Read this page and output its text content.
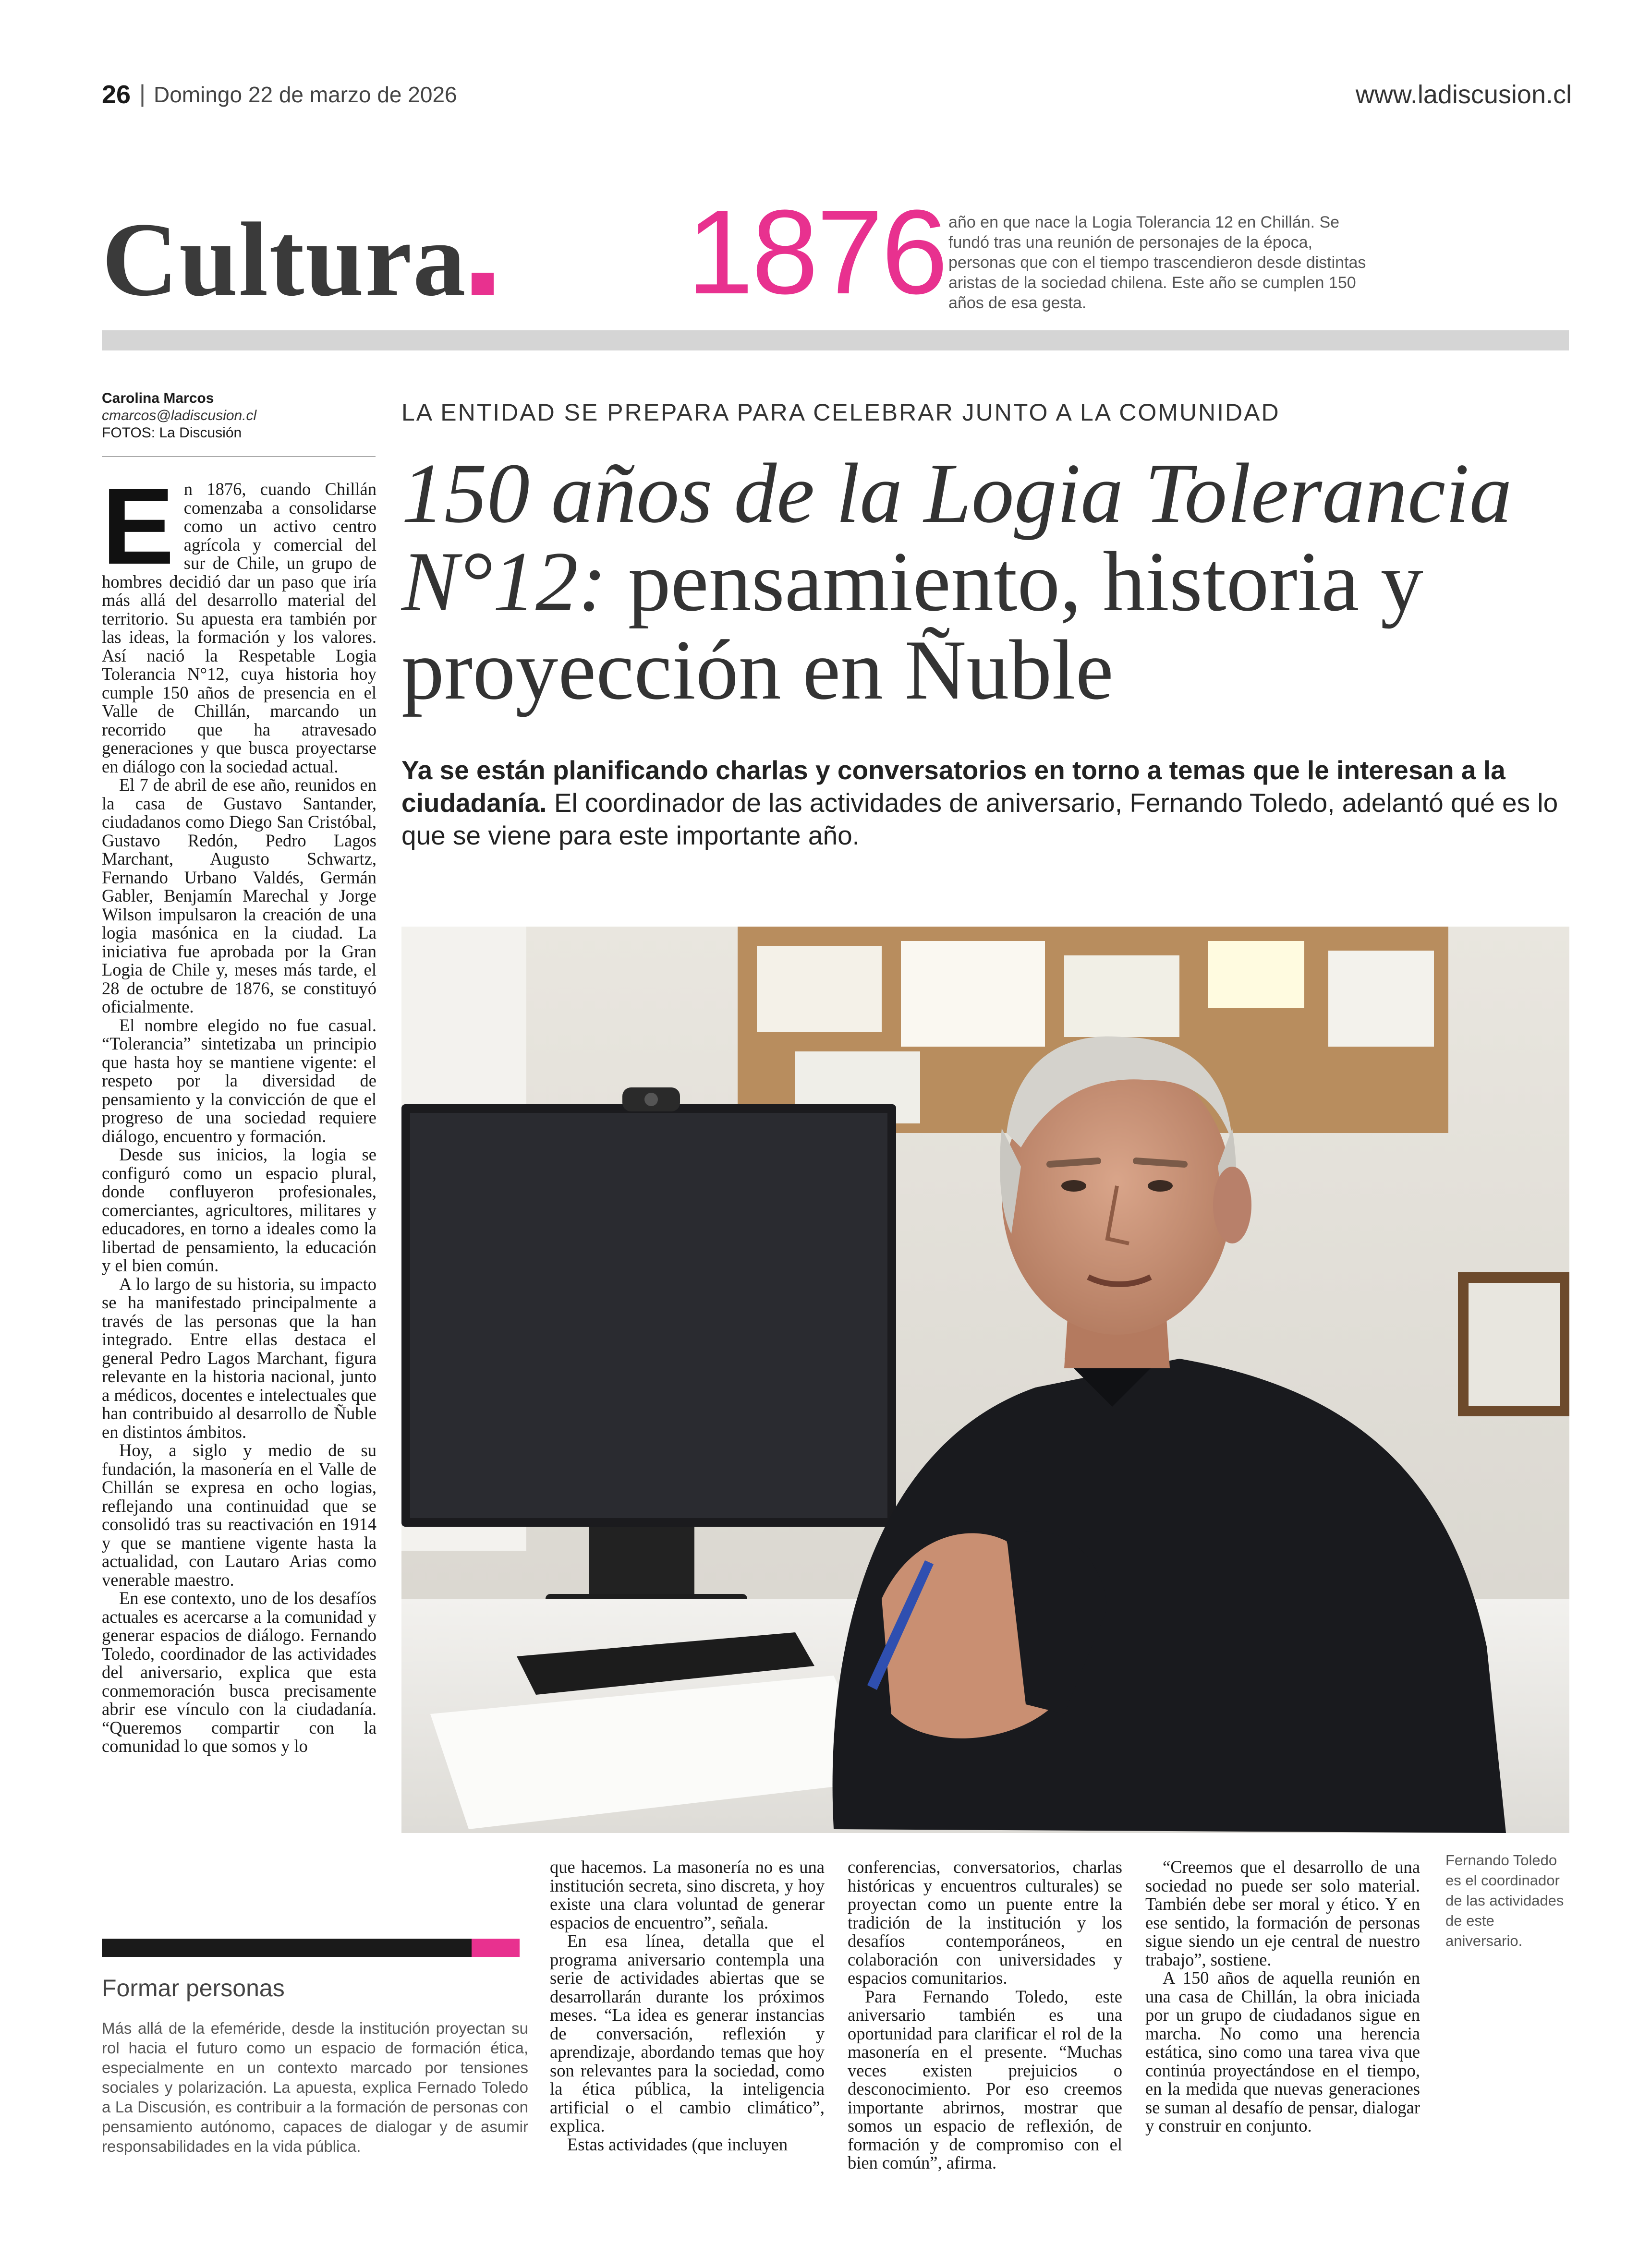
26 | Domingo 22 de marzo de 2026	www.ladiscusion.cl
Cultura 1876 año en que nace la Logia Tolerancia 12 en Chillán. Se fundó tras una reunión de personajes de la época, personas que con el tiempo trascendieron desde distintas aristas de la sociedad chilena. Este año se cumplen 150 años de esa gesta.
Carolina Marcos
cmarcos@ladiscusion.cl
FOTOS: La Discusión
LA ENTIDAD SE PREPARA PARA CELEBRAR JUNTO A LA COMUNIDAD
150 años de la Logia Tolerancia N°12: pensamiento, historia y proyección en Ñuble
Ya se están planificando charlas y conversatorios en torno a temas que le interesan a la ciudadanía. El coordinador de las actividades de aniversario, Fernando Toledo, adelantó qué es lo que se viene para este importante año.
E n 1876, cuando Chillán comenzaba a consolidarse como un activo centro agrícola y comercial del sur de Chile, un grupo de hombres decidió dar un paso que iría más allá del desarrollo material del territorio. Su apuesta era también por las ideas, la formación y los valores. Así nació la Respetable Logia Tolerancia N°12, cuya historia hoy cumple 150 años de presencia en el Valle de Chillán, marcando un recorrido que ha atravesado generaciones y que busca proyectarse en diálogo con la sociedad actual.

El 7 de abril de ese año, reunidos en la casa de Gustavo Santander, ciudadanos como Diego San Cristóbal, Gustavo Redón, Pedro Lagos Marchant, Augusto Schwartz, Fernando Urbano Valdés, Germán Gabler, Benjamín Marechal y Jorge Wilson impulsaron la creación de una logia masónica en la ciudad. La iniciativa fue aprobada por la Gran Logia de Chile y, meses más tarde, el 28 de octubre de 1876, se constituyó oficialmente.

El nombre elegido no fue casual. “Tolerancia” sintetizaba un principio que hasta hoy se mantiene vigente: el respeto por la diversidad de pensamiento y la convicción de que el progreso de una sociedad requiere diálogo, encuentro y formación.

Desde sus inicios, la logia se configuró como un espacio plural, donde confluyeron profesionales, comerciantes, agricultores, militares y educadores, en torno a ideales como la libertad de pensamiento, la educación y el bien común.

A lo largo de su historia, su impacto se ha manifestado principalmente a través de las personas que la han integrado. Entre ellas destaca el general Pedro Lagos Marchant, figura relevante en la historia nacional, junto a médicos, docentes e intelectuales que han contribuido al desarrollo de Ñuble en distintos ámbitos.

Hoy, a siglo y medio de su fundación, la masonería en el Valle de Chillán se expresa en ocho logias, reflejando una continuidad que se consolidó tras su reactivación en 1914 y que se mantiene vigente hasta la actualidad, con Lautaro Arias como venerable maestro.

En ese contexto, uno de los desafíos actuales es acercarse a la comunidad y generar espacios de diálogo. Fernando Toledo, coordinador de las actividades del aniversario, explica que esta conmemoración busca precisamente abrir ese vínculo con la ciudadanía. “Queremos compartir con la comunidad lo que somos y lo

que hacemos. La masonería no es una institución secreta, sino discreta, y hoy existe una clara voluntad de generar espacios de encuentro”, señala.

En esa línea, detalla que el programa aniversario contempla una serie de actividades abiertas que se desarrollarán durante los próximos meses. “La idea es generar instancias de conversación, reflexión y aprendizaje, abordando temas que hoy son relevantes para la sociedad, como la ética pública, la inteligencia artificial o el cambio climático”, explica.

Estas actividades (que incluyen

conferencias, conversatorios, charlas históricas y encuentros culturales) se proyectan como un puente entre la tradición de la institución y los desafíos contemporáneos, en colaboración con universidades y espacios comunitarios.

Para Fernando Toledo, este aniversario también es una oportunidad para clarificar el rol de la masonería en el presente. “Muchas veces existen prejuicios o desconocimiento. Por eso creemos importante abrirnos, mostrar que somos un espacio de reflexión, de formación y de compromiso con el bien común”, afirma.

“Creemos que el desarrollo de una sociedad no puede ser solo material. También debe ser moral y ético. Y en ese sentido, la formación de personas sigue siendo un eje central de nuestro trabajo”, sostiene.

A 150 años de aquella reunión en una casa de Chillán, la obra iniciada por un grupo de ciudadanos sigue en marcha. No como una herencia estática, sino como una tarea viva que continúa proyectándose en el tiempo, en la medida que nuevas generaciones se suman al desafío de pensar, dialogar y construir en conjunto.

Fernando Toledo es el coordinador de las actividades de este aniversario.
Formar personas
Más allá de la efeméride, desde la institución proyectan su rol hacia el futuro como un espacio de formación ética, especialmente en un contexto marcado por tensiones sociales y polarización. La apuesta, explica Fernado Toledo a La Discusión, es contribuir a la formación de personas con pensamiento autónomo, capaces de dialogar y de asumir responsabilidades en la vida pública.
